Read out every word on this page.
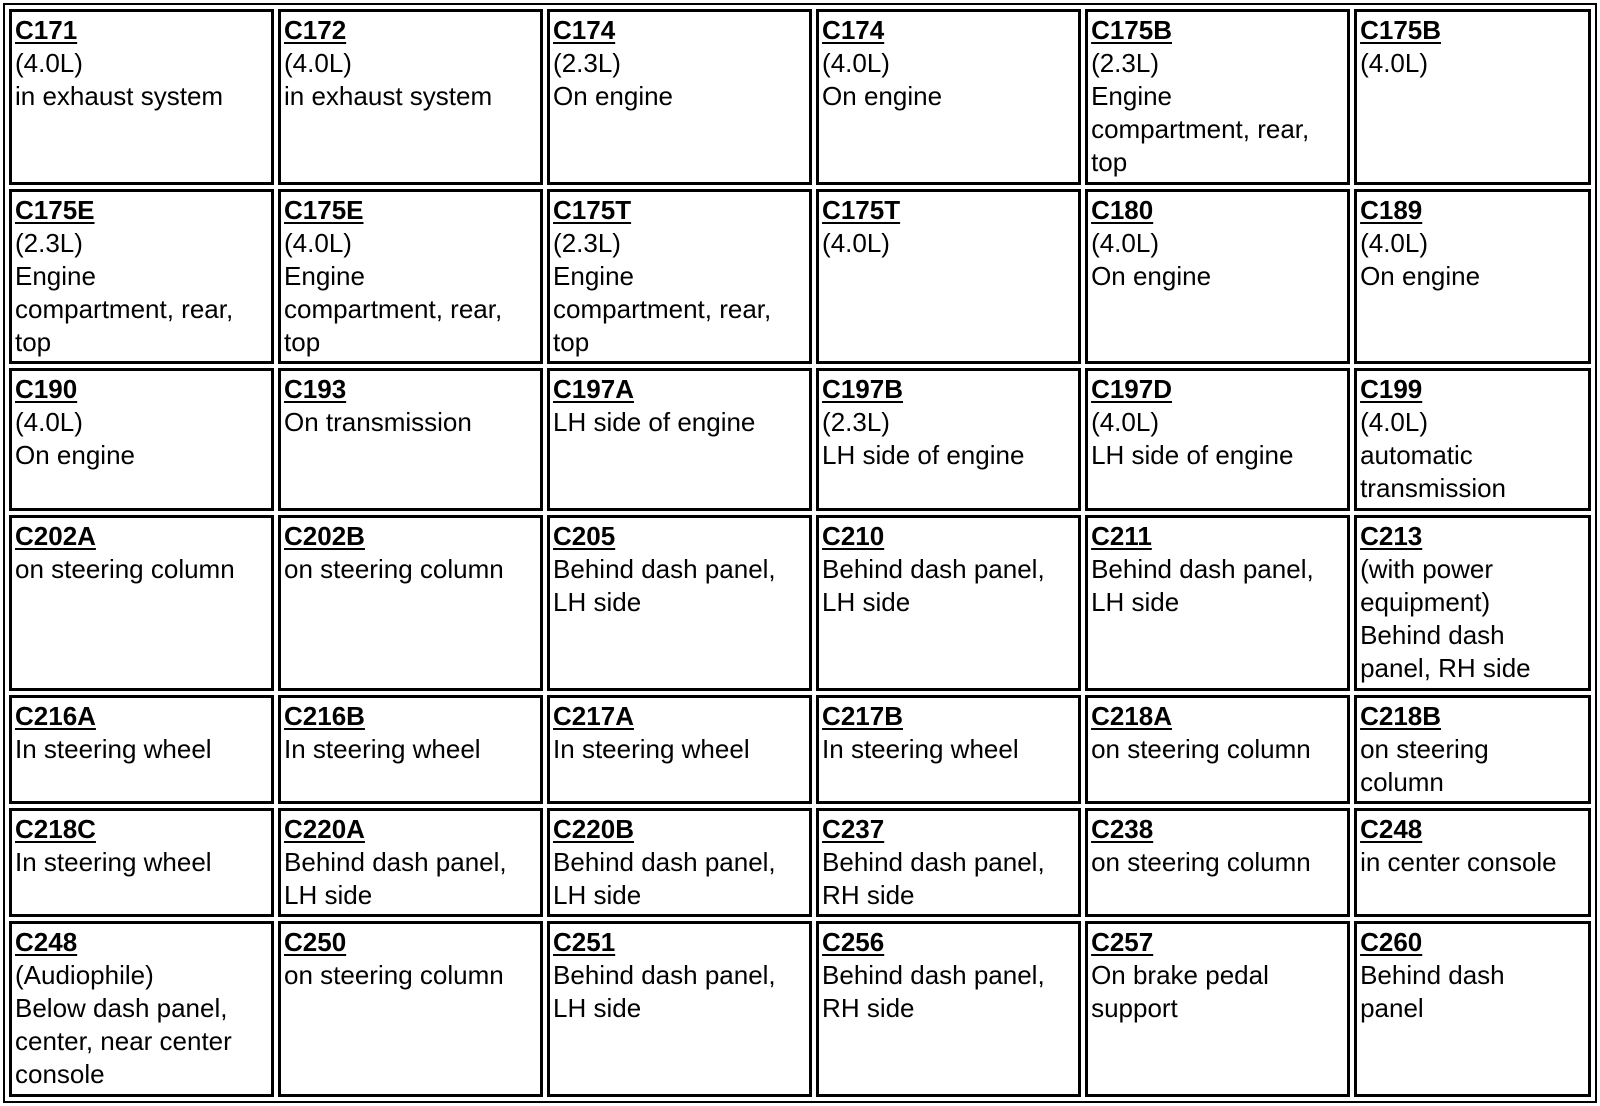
C171
(4.0L)
in exhaust system	C172
(4.0L)
in exhaust system	C174
(2.3L)
On engine	C174
(4.0L)
On engine	C175B
(2.3L)
Engine
compartment, rear,
top	C175B
(4.0L)

C175E
(2.3L)
Engine
compartment, rear,
top	C175E
(4.0L)
Engine
compartment, rear,
top	C175T
(2.3L)
Engine
compartment, rear,
top	C175T
(4.0L)	C180
(4.0L)
On engine	C189
(4.0L)
On engine

C190
(4.0L)
On engine	C193
On transmission	C197A
LH side of engine	C197B
(2.3L)
LH side of engine	C197D
(4.0L)
LH side of engine	C199
(4.0L)
automatic
transmission

C202A
on steering column	C202B
on steering column	C205
Behind dash panel,
LH side	C210
Behind dash panel,
LH side	C211
Behind dash panel,
LH side	C213
(with power
equipment)
Behind dash
panel, RH side

C216A
In steering wheel	C216B
In steering wheel	C217A
In steering wheel	C217B
In steering wheel	C218A
on steering column	C218B
on steering
column

C218C
In steering wheel	C220A
Behind dash panel,
LH side	C220B
Behind dash panel,
LH side	C237
Behind dash panel,
RH side	C238
on steering column	C248
in center console

C248
(Audiophile)
Below dash panel,
center, near center
console	C250
on steering column	C251
Behind dash panel,
LH side	C256
Behind dash panel,
RH side	C257
On brake pedal
support	C260
Behind dash
panel
